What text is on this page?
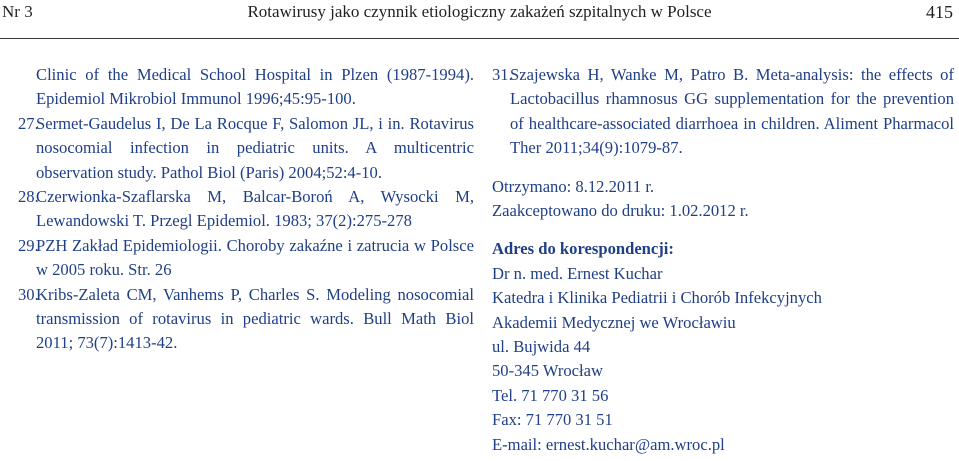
Nr 3	Rotawirusy jako czynnik etiologiczny zakażeń szpitalnych w Polsce	415
Clinic of the Medical School Hospital in Plzen (1987-1994). Epidemiol Mikrobiol Immunol 1996;45:95-100.
27.
Sermet-Gaudelus I, De La Rocque F, Salomon JL, i in. Rotavirus nosocomial infection in pediatric units. A multicentric observation study. Pathol Biol (Paris) 2004;52:4-10.
28.
Czerwionka-Szaflarska M, Balcar-Boroń A, Wysocki M, Lewandowski T. Przegl Epidemiol. 1983; 37(2):275-278
29.
PZH Zakład Epidemiologii. Choroby zakaźne i zatrucia w Polsce w 2005 roku. Str. 26
30.
Kribs-Zaleta CM, Vanhems P, Charles S. Modeling nosocomial transmission of rotavirus in pediatric wards. Bull Math Biol 2011; 73(7):1413-42.
31.
Szajewska H, Wanke M, Patro B. Meta-analysis: the effects of Lactobacillus rhamnosus GG supplementation for the prevention of healthcare-associated diarrhoea in children. Aliment Pharmacol Ther 2011;34(9):1079-87.
Otrzymano: 8.12.2011 r.
Zaakceptowano do druku: 1.02.2012 r.
Adres do korespondencji:
Dr n. med. Ernest Kuchar
Katedra i Klinika Pediatrii i Chorób Infekcyjnych
Akademii Medycznej we Wrocławiu
ul. Bujwida 44
50-345 Wrocław
Tel. 71 770 31 56
Fax: 71 770 31 51
E-mail: ernest.kuchar@am.wroc.pl
